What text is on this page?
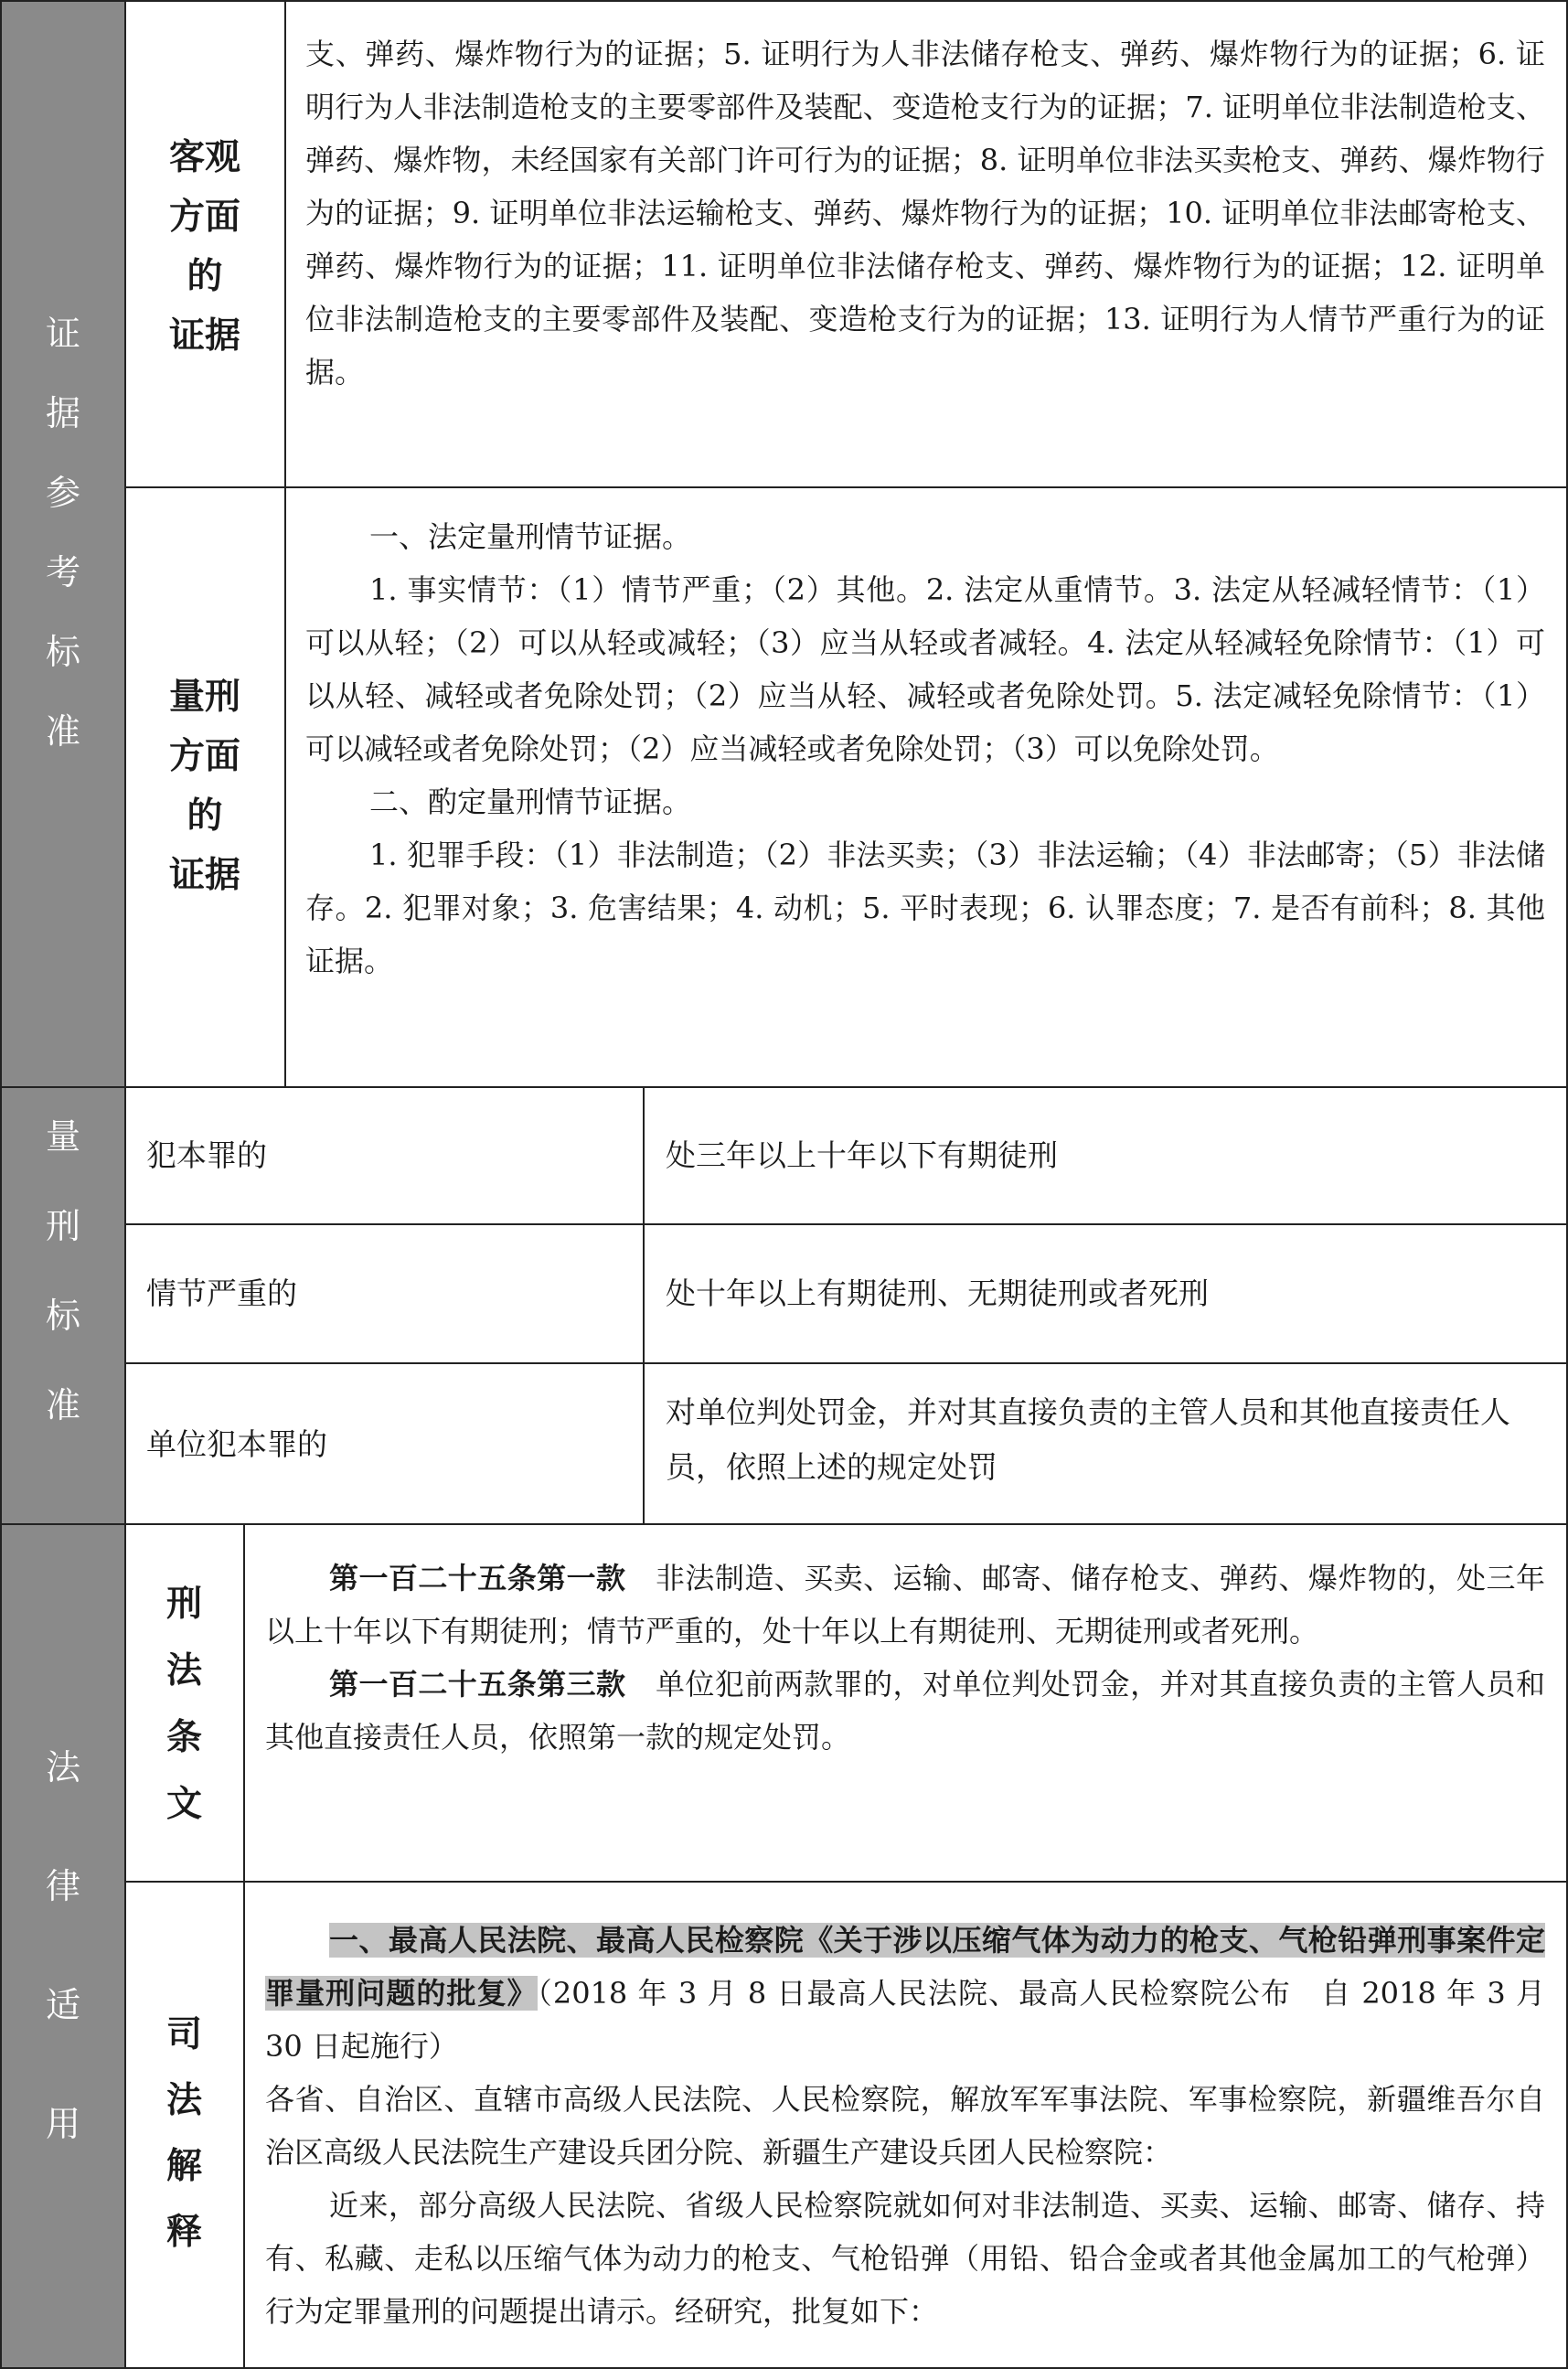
证
据
参
考
标
准
客观
方面
的
证据

支、弹药、爆炸物行为的证据；5. 证明行为人非法储存枪支、弹药、爆炸物行为的证据；6. 证明行为人非法制造枪支的主要零部件及装配、变造枪支行为的证据；7. 证明单位非法制造枪支、弹药、爆炸物，未经国家有关部门许可行为的证据；8. 证明单位非法买卖枪支、弹药、爆炸物行为的证据；9. 证明单位非法运输枪支、弹药、爆炸物行为的证据；10. 证明单位非法邮寄枪支、弹药、爆炸物行为的证据；11. 证明单位非法储存枪支、弹药、爆炸物行为的证据；12. 证明单位非法制造枪支的主要零部件及装配、变造枪支行为的证据；13. 证明行为人情节严重行为的证据。

量刑
方面
的
证据

一、法定量刑情节证据。

1. 事实情节：（1）情节严重；（2）其他。2. 法定从重情节。3. 法定从轻减轻情节：（1）可以从轻；（2）可以从轻或减轻；（3）应当从轻或者减轻。4. 法定从轻减轻免除情节：（1）可以从轻、减轻或者免除处罚；（2）应当从轻、减轻或者免除处罚。5. 法定减轻免除情节：（1）可以减轻或者免除处罚；（2）应当减轻或者免除处罚；（3）可以免除处罚。

二、酌定量刑情节证据。

1. 犯罪手段：（1）非法制造；（2）非法买卖；（3）非法运输；（4）非法邮寄；（5）非法储存。2. 犯罪对象；3. 危害结果；4. 动机；5. 平时表现；6. 认罪态度；7. 是否有前科；8. 其他证据。

量
刑
标
准
犯本罪的	处三年以上十年以下有期徒刑
情节严重的	处十年以上有期徒刑、无期徒刑或者死刑
单位犯本罪的
对单位判处罚金，并对其直接负责的主管人员和其他直接责任人员，依照上述的规定处罚
法
律
适
用
刑
法
条
文

第一百二十五条第一款　 非法制造、买卖、运输、邮寄、储存枪支、弹药、爆炸物的，处三年以上十年以下有期徒刑；情节严重的，处十年以上有期徒刑、无期徒刑或者死刑。

第一百二十五条第三款　 单位犯前两款罪的，对单位判处罚金，并对其直接负责的主管人员和其他直接责任人员，依照第一款的规定处罚。

司
法
解
释

一、最高人民法院、最高人民检察院《关于涉以压缩气体为动力的枪支、气枪铅弹刑事案件定罪量刑问题的批复》（2018 年 3 月 8 日最高人民法院、最高人民检察院公布　自 2018 年 3 月 30 日起施行）

各省、自治区、直辖市高级人民法院、人民检察院，解放军军事法院、军事检察院，新疆维吾尔自治区高级人民法院生产建设兵团分院、新疆生产建设兵团人民检察院：

近来，部分高级人民法院、省级人民检察院就如何对非法制造、买卖、运输、邮寄、储存、持有、私藏、走私以压缩气体为动力的枪支、气枪铅弹（用铅、铅合金或者其他金属加工的气枪弹）行为定罪量刑的问题提出请示。经研究，批复如下：
